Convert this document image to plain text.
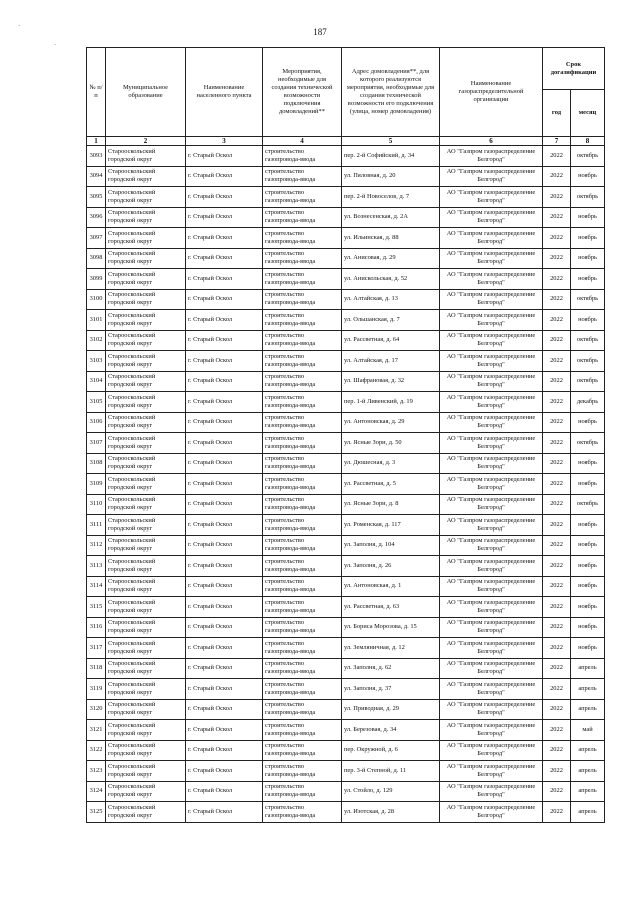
187
·
·
№ п/п	Муниципальное образование	Наименование населенного пункта	Мероприятия, необходимые для создания технической возможности подключения домовладений**	Адрес домовладения**, для которого реализуются мероприятия, необходимые для создания технической возможности его подключения (улица, номер домовладения)	Наименование газораспределительной организации	Срок догазификации	
						год	месяц
1	2	3	4	5	6	7	8
3093	Старооскольский городской округ	г. Старый Оскол	строительство газопровода-ввода	пер. 2-й Софийский, д. 34	АО "Газпром газораспределение Белгород"	2022	октябрь
3094	Старооскольский городской округ	г. Старый Оскол	строительство газопровода-ввода	ул. Пяловная, д. 20	АО "Газпром газораспределение Белгород"	2022	ноябрь
3095	Старооскольский городской округ	г. Старый Оскол	строительство газопровода-ввода	пер. 2-й Новоселов, д. 7	АО "Газпром газораспределение Белгород"	2022	октябрь
3096	Старооскольский городской округ	г. Старый Оскол	строительство газопровода-ввода	ул. Вознесенская, д. 2А	АО "Газпром газораспределение Белгород"	2022	ноябрь
3097	Старооскольский городской округ	г. Старый Оскол	строительство газопровода-ввода	ул. Ильинская, д. 88	АО "Газпром газораспределение Белгород"	2022	ноябрь
3098	Старооскольский городской округ	г. Старый Оскол	строительство газопровода-ввода	ул. Анисовая, д. 29	АО "Газпром газораспределение Белгород"	2022	ноябрь
3099	Старооскольский городской округ	г. Старый Оскол	строительство газопровода-ввода	ул. Анискольская, д. 52	АО "Газпром газораспределение Белгород"	2022	ноябрь
3100	Старооскольский городской округ	г. Старый Оскол	строительство газопровода-ввода	ул. Алтайская, д. 13	АО "Газпром газораспределение Белгород"	2022	октябрь
3101	Старооскольский городской округ	г. Старый Оскол	строительство газопровода-ввода	ул. Ольшанская, д. 7	АО "Газпром газораспределение Белгород"	2022	ноябрь
3102	Старооскольский городской округ	г. Старый Оскол	строительство газопровода-ввода	ул. Рассветная, д. 64	АО "Газпром газораспределение Белгород"	2022	октябрь
3103	Старооскольский городской округ	г. Старый Оскол	строительство газопровода-ввода	ул. Алтайская, д. 17	АО "Газпром газораспределение Белгород"	2022	октябрь
3104	Старооскольский городской округ	г. Старый Оскол	строительство газопровода-ввода	ул. Шафрановая, д. 32	АО "Газпром газораспределение Белгород"	2022	октябрь
3105	Старооскольский городской округ	г. Старый Оскол	строительство газопровода-ввода	пер. 1-й Ливенский, д. 19	АО "Газпром газораспределение Белгород"	2022	декабрь
3106	Старооскольский городской округ	г. Старый Оскол	строительство газопровода-ввода	ул. Антоновская, д. 29	АО "Газпром газораспределение Белгород"	2022	ноябрь
3107	Старооскольский городской округ	г. Старый Оскол	строительство газопровода-ввода	ул. Ясные Зори, д. 50	АО "Газпром газораспределение Белгород"	2022	октябрь
3108	Старооскольский городской округ	г. Старый Оскол	строительство газопровода-ввода	ул. Дюшесная, д. 3	АО "Газпром газораспределение Белгород"	2022	ноябрь
3109	Старооскольский городской округ	г. Старый Оскол	строительство газопровода-ввода	ул. Рассветная, д. 5	АО "Газпром газораспределение Белгород"	2022	ноябрь
3110	Старооскольский городской округ	г. Старый Оскол	строительство газопровода-ввода	ул. Ясные Зори, д. 8	АО "Газпром газораспределение Белгород"	2022	октябрь
3111	Старооскольский городской округ	г. Старый Оскол	строительство газопровода-ввода	ул. Роменская, д. 117	АО "Газпром газораспределение Белгород"	2022	ноябрь
3112	Старооскольский городской округ	г. Старый Оскол	строительство газопровода-ввода	ул. Заполня, д. 104	АО "Газпром газораспределение Белгород"	2022	ноябрь
3113	Старооскольский городской округ	г. Старый Оскол	строительство газопровода-ввода	ул. Заполня, д. 26	АО "Газпром газораспределение Белгород"	2022	ноябрь
3114	Старооскольский городской округ	г. Старый Оскол	строительство газопровода-ввода	ул. Антоновская, д. 1	АО "Газпром газораспределение Белгород"	2022	ноябрь
3115	Старооскольский городской округ	г. Старый Оскол	строительство газопровода-ввода	ул. Рассветная, д. 63	АО "Газпром газораспределение Белгород"	2022	ноябрь
3116	Старооскольский городской округ	г. Старый Оскол	строительство газопровода-ввода	ул. Бориса Морозова, д. 15	АО "Газпром газораспределение Белгород"	2022	ноябрь
3117	Старооскольский городской округ	г. Старый Оскол	строительство газопровода-ввода	ул. Земляничная, д. 12	АО "Газпром газораспределение Белгород"	2022	ноябрь
3118	Старооскольский городской округ	г. Старый Оскол	строительство газопровода-ввода	ул. Заполня, д. 62	АО "Газпром газораспределение Белгород"	2022	апрель
3119	Старооскольский городской округ	г. Старый Оскол	строительство газопровода-ввода	ул. Заполня, д. 37	АО "Газпром газораспределение Белгород"	2022	апрель
3120	Старооскольский городской округ	г. Старый Оскол	строительство газопровода-ввода	ул. Приводная, д. 29	АО "Газпром газораспределение Белгород"	2022	апрель
3121	Старооскольский городской округ	г. Старый Оскол	строительство газопровода-ввода	ул. Березовая, д. 34	АО "Газпром газораспределение Белгород"	2022	май
3122	Старооскольский городской округ	г. Старый Оскол	строительство газопровода-ввода	пер. Окружной, д. 6	АО "Газпром газораспределение Белгород"	2022	апрель
3123	Старооскольский городской округ	г. Старый Оскол	строительство газопровода-ввода	пер. 3-й Степной, д. 11	АО "Газпром газораспределение Белгород"	2022	апрель
3124	Старооскольский городской округ	г. Старый Оскол	строительство газопровода-ввода	ул. Стойло, д. 129	АО "Газпром газораспределение Белгород"	2022	апрель
3125	Старооскольский городской округ	г. Старый Оскол	строительство газопровода-ввода	ул. Изотская, д. 28	АО "Газпром газораспределение Белгород"	2022	апрель
